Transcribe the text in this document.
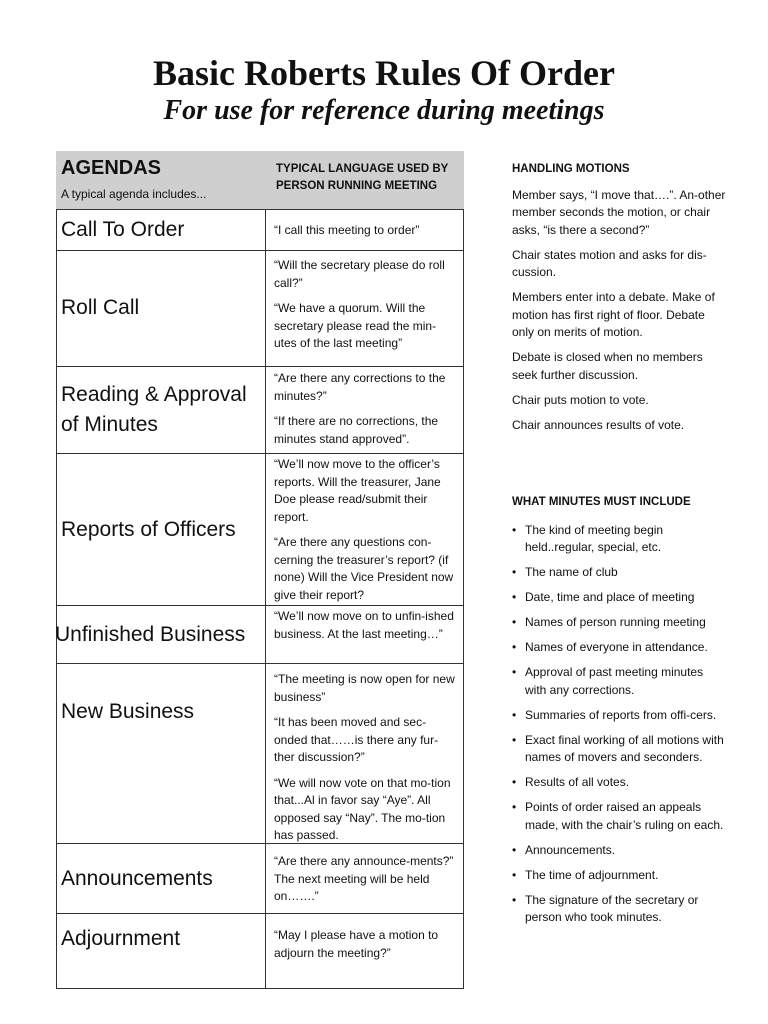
Basic Roberts Rules Of Order
For use for reference during meetings
AGENDAS
A typical agenda includes...
TYPICAL LANGUAGE USED BY PERSON RUNNING MEETING
Call To Order	“I call this meeting to order”

Roll Call

“Will the secretary please do roll call?”

“We have a quorum. Will the secretary please read the min-utes of the last meeting”

Reading & Approval of Minutes

“Are there any corrections to the minutes?”

“If there are no corrections, the minutes stand approved”.

Reports of Officers

“We’ll now move to the officer’s reports. Will the treasurer, Jane Doe please read/submit their report.

“Are there any questions con-cerning the treasurer’s report? (if none) Will the Vice President now give their report?

Unfinished Business

“We’ll now move on to unfin-ished business. At the last meeting…”

New Business

“The meeting is now open for new business”

“It has been moved and sec-onded that……is there any fur-ther discussion?”

“We will now vote on that mo-tion that...Al in favor say “Aye”. All opposed say “Nay”. The mo-tion has passed.

Announcements

“Are there any announce-ments?” The next meeting will be held on…….”

Adjournment	“May I please have a motion to adjourn the meeting?”

HANDLING MOTIONS

Member says, “I move that….”. An-other member seconds the motion, or chair asks, “is there a second?”

Chair states motion and asks for dis-cussion.

Members enter into a debate. Make of motion has first right of floor. Debate only on merits of motion.

Debate is closed when no members seek further discussion.

Chair puts motion to vote.

Chair announces results of vote.

WHAT MINUTES MUST INCLUDE
• The kind of meeting begin held..regular, special, etc.
• The name of club
• Date, time and place of meeting
• Names of person running meeting
• Names of everyone in attendance.
• Approval of past meeting minutes with any corrections.
• Summaries of reports from offi-cers.
• Exact final working of all motions with names of movers and seconders.
• Results of all votes.
• Points of order raised an appeals made, with the chair’s ruling on each.
• Announcements.
• The time of adjournment.
• The signature of the secretary or person who took minutes.
